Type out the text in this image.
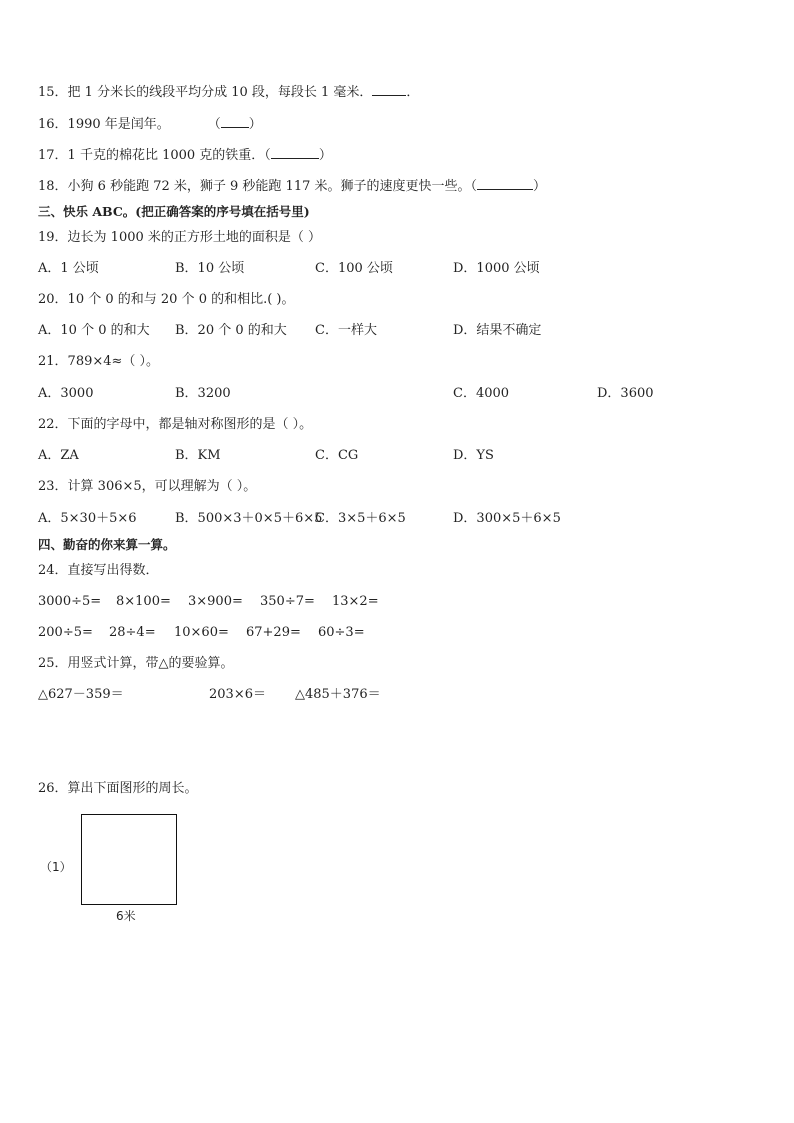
15．把 1 分米长的线段平均分成 10 段，每段长 1 毫米．	．
16．1990 年是闰年。	（ ）
17．1 千克的棉花比 1000 克的铁重．（	）
18．小狗 6 秒能跑 72 米，狮子 9 秒能跑 117 米。狮子的速度更快一些。（	）
三、快乐 ABC。(把正确答案的序号填在括号里)
19．边长为 1000 米的正方形土地的面积是（ ）
A．1 公顷	B．10 公顷	C．100 公顷	D．1000 公顷
20．10 个 0 的和与 20 个 0 的和相比.( )。
A．10 个 0 的和大 B．20 个 0 的和大 C．一样大	D．结果不确定
21．789×4≈（ ）。
A．3000	B．3200	C．4000	D．3600
22．下面的字母中，都是轴对称图形的是（ ）。
A．ZA	B．KM	C．CG	D．YS
23．计算 306×5，可以理解为（ ）。
A．5×30＋5×6	B．500×3＋0×5＋6×5
C．3×5＋6×5	D．300×5＋6×5
四、勤奋的你来算一算。
24．直接写出得数．
3000÷5= 8×100= 3×900= 350÷7= 13×2=
200÷5= 28÷4= 10×60= 67+29= 60÷3=
25．用竖式计算，带△的要验算。
△627－359＝	203×6＝ △485＋376＝
26．算出下面图形的周长。
（1）
6米
